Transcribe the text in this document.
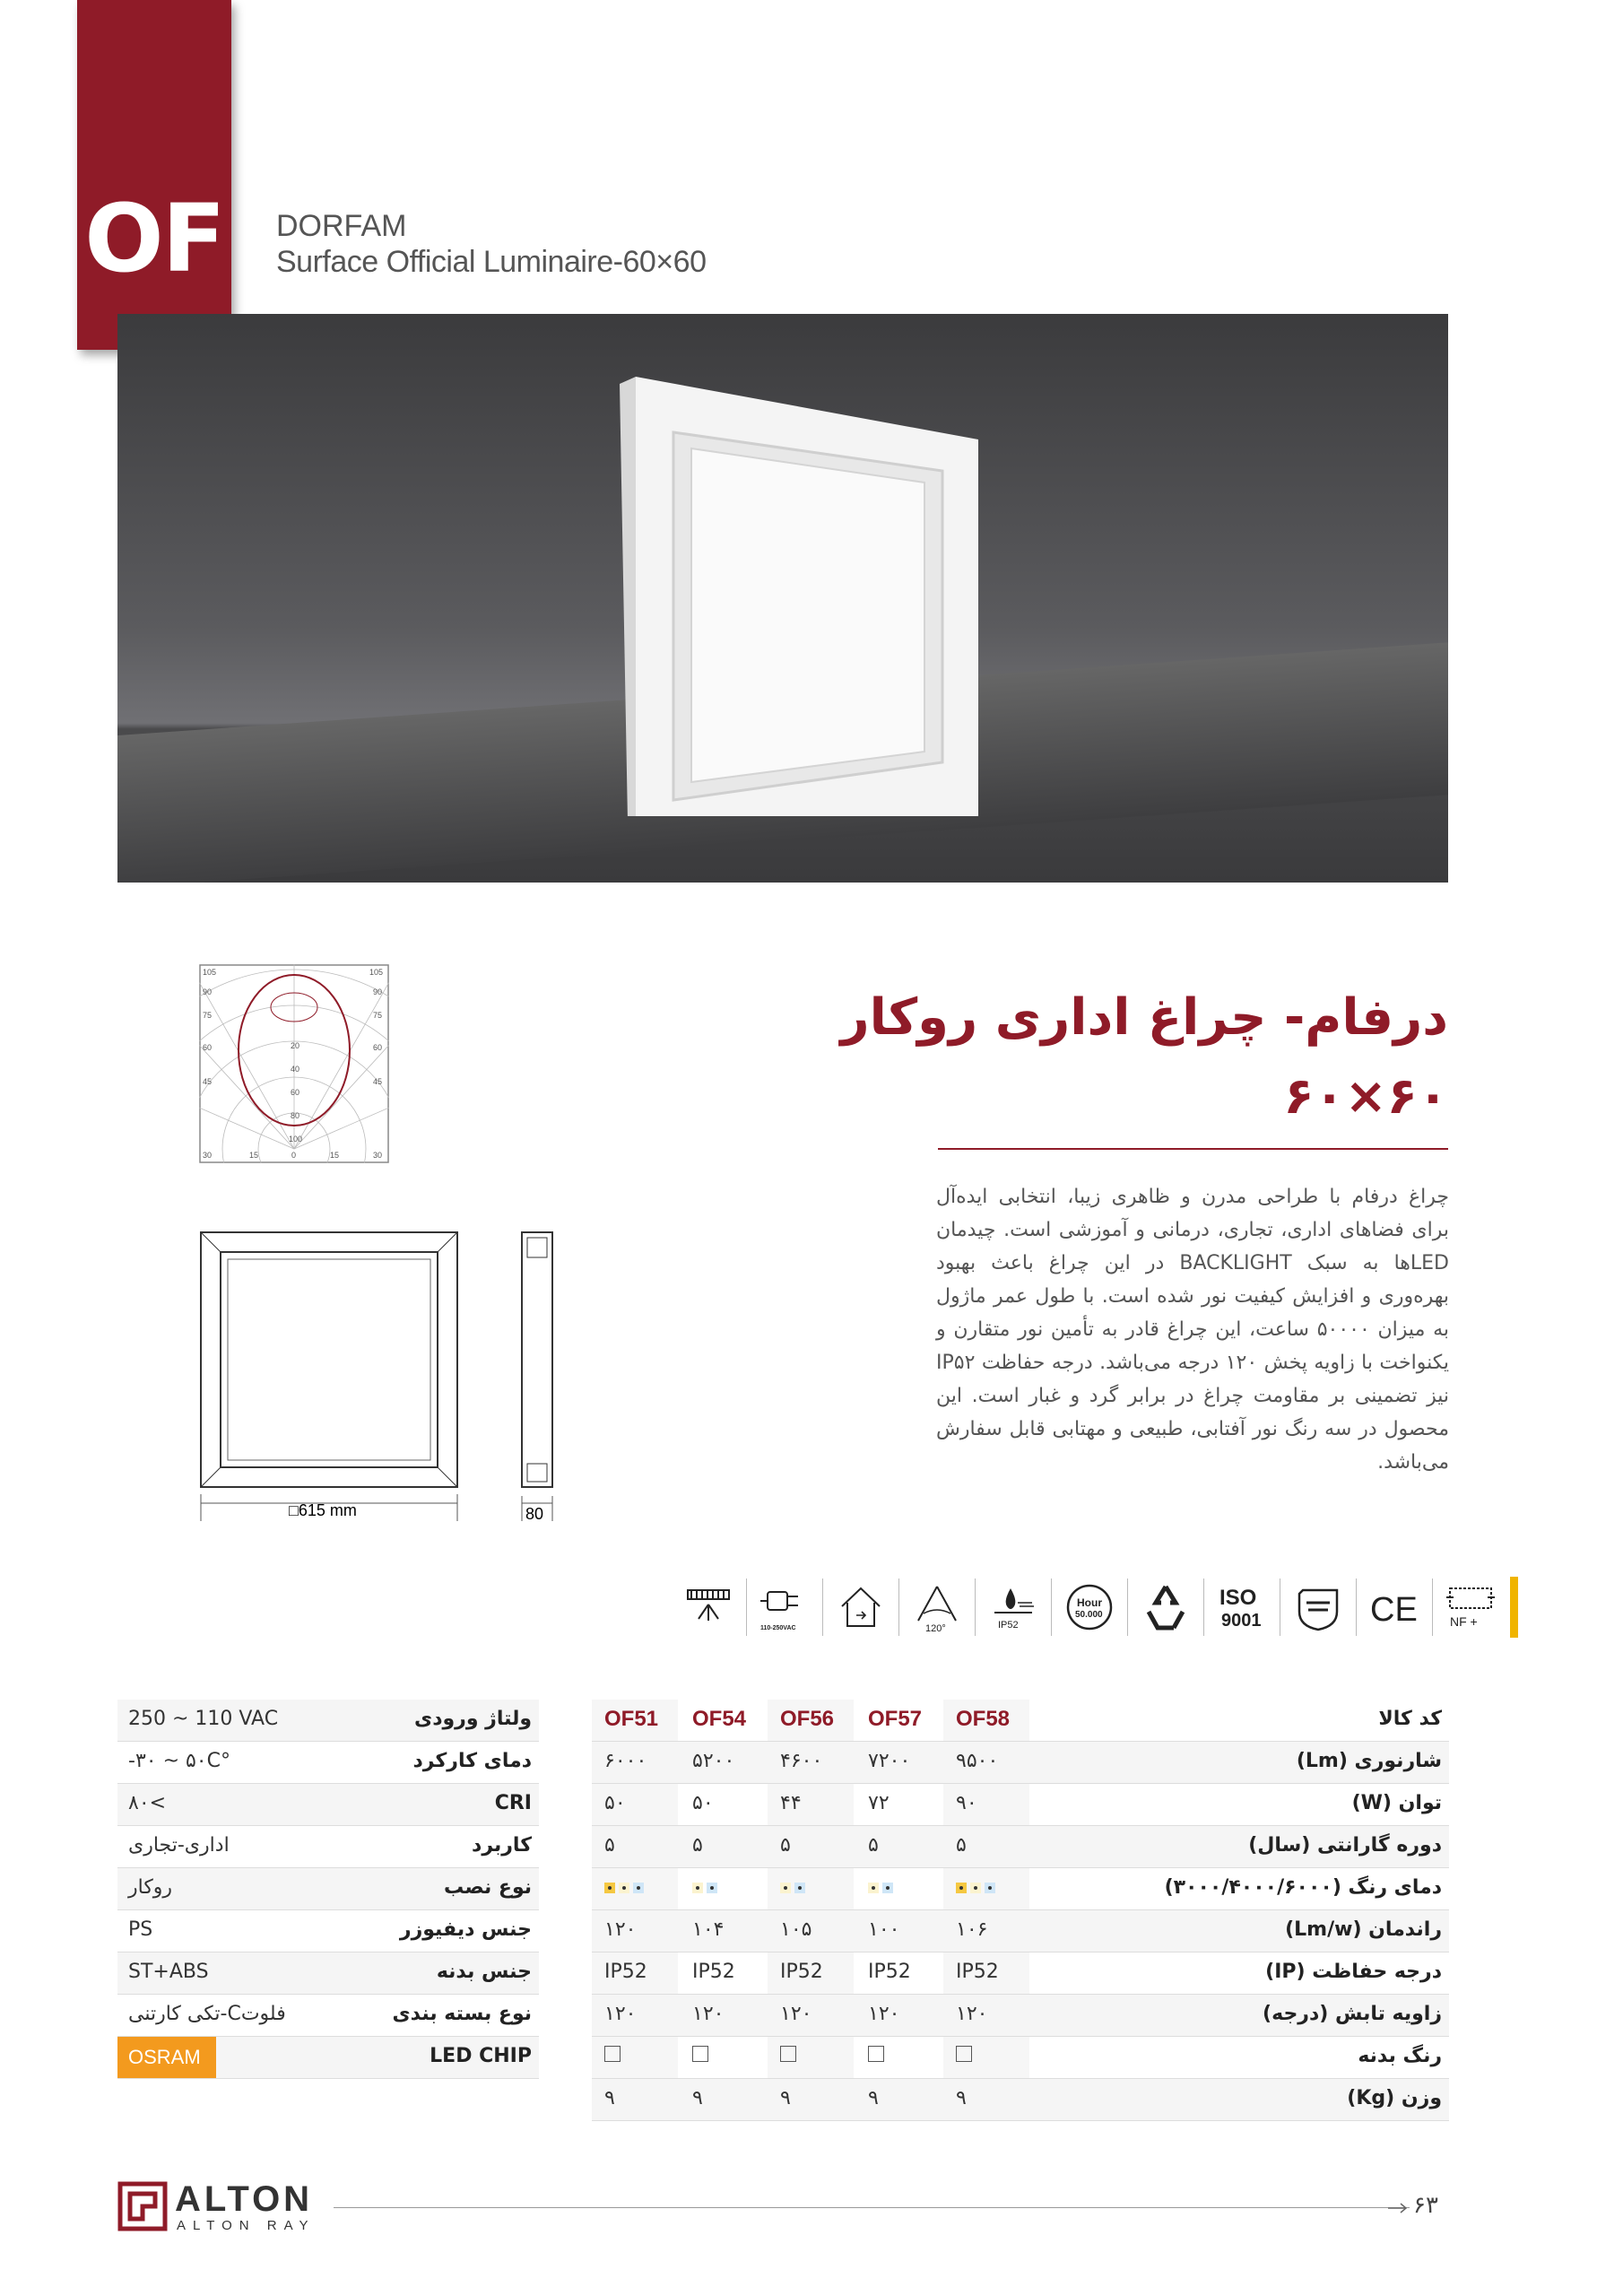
OF DORFAM
Surface Official Luminaire-60×60
105
90
75
60
45
30	15	0	15	30
45
60
75
90
105
20
40
60
80
100
□615 mm	80
درفام- چراغ اداری روکار
۶۰×۶۰
چراغ درفام با طراحی مدرن و ظاهری زیبا، انتخابی ایده‌آل برای فضاهای اداری، تجاری، درمانی و آموزشی است. چیدمان LEDها به سبک BACKLIGHT در این چراغ باعث بهبود بهره‌وری و افزایش کیفیت نور شده است. با طول عمر ماژول به میزان ۵۰۰۰۰ ساعت، این چراغ قادر به تأمین نور متقارن و یکنواخت با زاویه پخش ۱۲۰ درجه می‌باشد. درجه حفاظت IP۵۲ نیز تضمینی بر مقاومت چراغ در برابر گرد و غبار است. این محصول در سه رنگ نور آفتابی، طبیعی و مهتابی قابل سفارش می‌باشد.
110-250VAC	120°	IP52
Hour
50.000
ISO
9001	CE	NF +
ولتاژ ورودی
250 ~ 110 VAC
دمای کارکرد
-۳۰ ~ ۵۰C°
CRI
۸۰<
کاربرد
اداری-تجاری
نوع نصب
روکار
جنس دیفیوزر
PS
جنس بدنه
ST+ABS
نوع بسته بندی
تکی کارتنی-Cفلوت
LED CHIP
OSRAM
کد کالا
OF51	OF54	OF56	OF57	OF58
شارنوری (Lm)
۶۰۰۰	۵۲۰۰	۴۶۰۰	۷۲۰۰	۹۵۰۰
توان (W)
۵۰	۵۰	۴۴	۷۲	۹۰
دوره گارانتی (سال)
۵	۵	۵	۵	۵
دمای رنگ (۳۰۰۰/۴۰۰۰/۶۰۰۰)
راندمان (Lm/w)
۱۲۰	۱۰۴	۱۰۵	۱۰۰	۱۰۶
درجه حفاظت (IP)
IP52	IP52	IP52	IP52	IP52
زاویه تابش (درجه)
۱۲۰	۱۲۰	۱۲۰	۱۲۰	۱۲۰
رنگ بدنه
وزن (Kg)
۹	۹	۹	۹	۹
ALTON
ALTON RAY
۶۳
